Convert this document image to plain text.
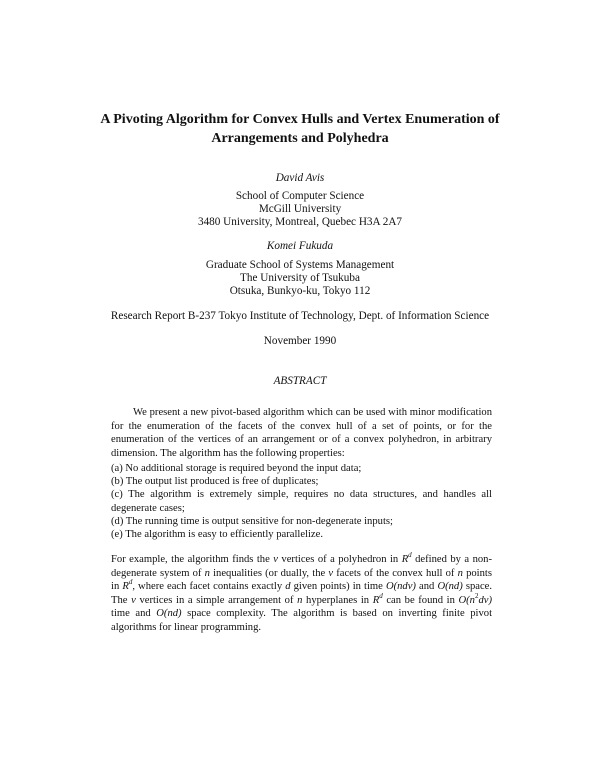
A Pivoting Algorithm for Convex Hulls and Vertex Enumeration of
Arrangements and Polyhedra
David Avis
School of Computer Science
McGill University
3480 University, Montreal, Quebec H3A 2A7
Komei Fukuda
Graduate School of Systems Management
The University of Tsukuba
Otsuka, Bunkyo-ku, Tokyo 112
Research Report B-237 Tokyo Institute of Technology, Dept. of Information Science
November 1990
ABSTRACT
We present a new pivot-based algorithm which can be used with minor modification for the enumeration of the facets of the convex hull of a set of points, or for the enumeration of the vertices of an arrangement or of a convex polyhedron, in arbitrary dimension. The algorithm has the following properties:
(a) No additional storage is required beyond the input data;
(b) The output list produced is free of duplicates;
(c) The algorithm is extremely simple, requires no data structures, and handles all degenerate cases;
(d) The running time is output sensitive for non-degenerate inputs;
(e) The algorithm is easy to efficiently parallelize.
For example, the algorithm finds the v vertices of a polyhedron in $R^d$ defined by a non-degenerate system of n inequalities (or dually, the v facets of the convex hull of n points in $R^d$, where each facet contains exactly d given points) in time O(ndv) and O(nd) space. The v vertices in a simple arrangement of n hyperplanes in $R^d$ can be found in $O(n^2dv)$ time and O(nd) space complexity. The algorithm is based on inverting finite pivot algorithms for linear programming.
